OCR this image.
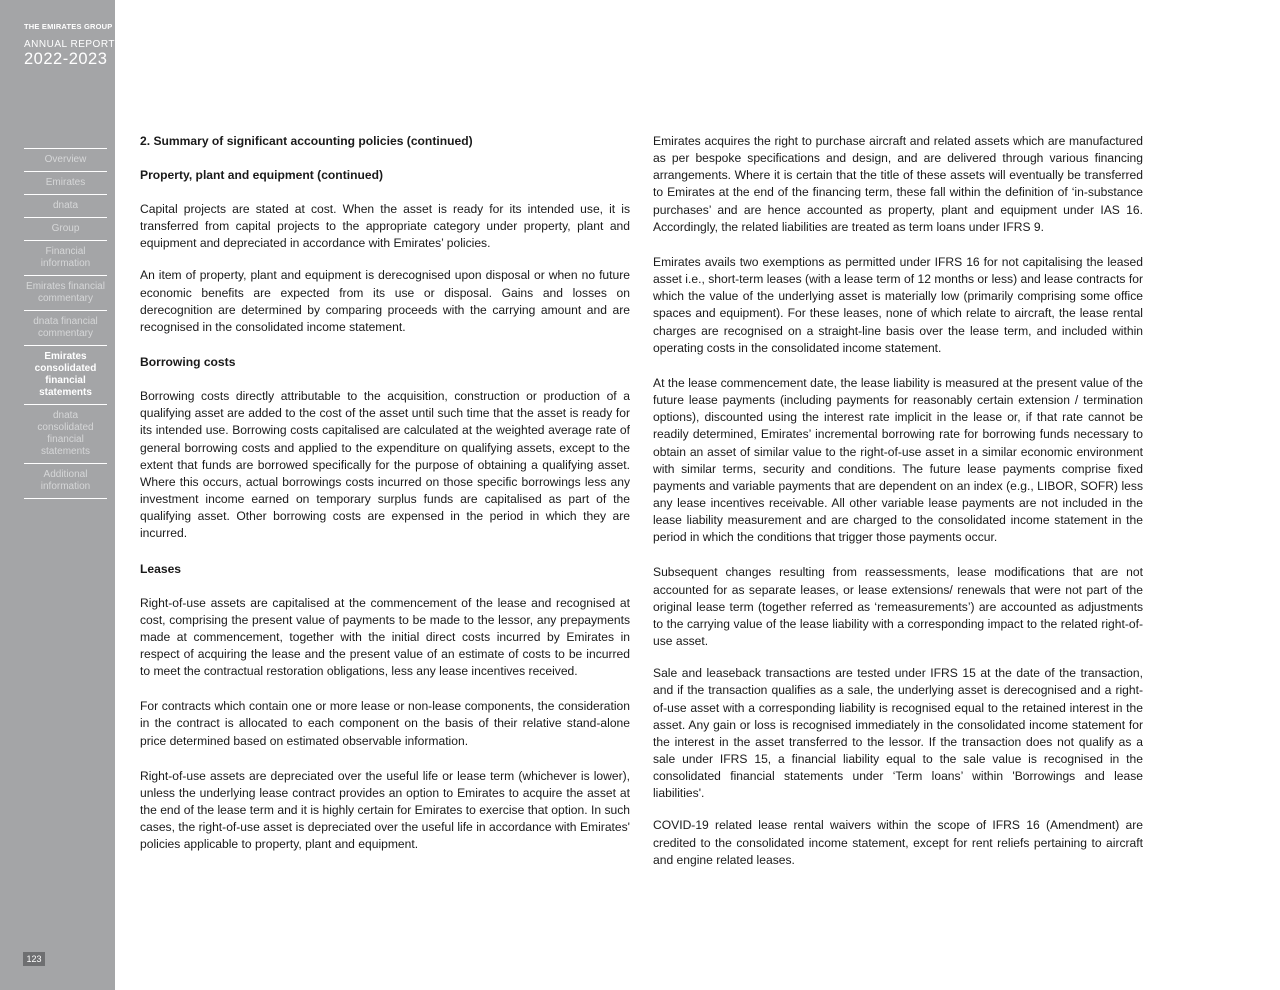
THE EMIRATES GROUP
ANNUAL REPORT
2022-2023
Overview
Emirates
dnata
Group
Financial information
Emirates financial commentary
dnata financial commentary
Emirates consolidated financial statements
dnata consolidated financial statements
Additional information
123
2. Summary of significant accounting policies (continued)
Property, plant and equipment (continued)

Capital projects are stated at cost. When the asset is ready for its intended use, it is transferred from capital projects to the appropriate category under property, plant and equipment and depreciated in accordance with Emirates’ policies.

An item of property, plant and equipment is derecognised upon disposal or when no future economic benefits are expected from its use or disposal. Gains and losses on derecognition are determined by comparing proceeds with the carrying amount and are recognised in the consolidated income statement.

Borrowing costs

Borrowing costs directly attributable to the acquisition, construction or production of a qualifying asset are added to the cost of the asset until such time that the asset is ready for its intended use. Borrowing costs capitalised are calculated at the weighted average rate of general borrowing costs and applied to the expenditure on qualifying assets, except to the extent that funds are borrowed specifically for the purpose of obtaining a qualifying asset. Where this occurs, actual borrowings costs incurred on those specific borrowings less any investment income earned on temporary surplus funds are capitalised as part of the qualifying asset. Other borrowing costs are expensed in the period in which they are incurred.

Leases

Right-of-use assets are capitalised at the commencement of the lease and recognised at cost, comprising the present value of payments to be made to the lessor, any prepayments made at commencement, together with the initial direct costs incurred by Emirates in respect of acquiring the lease and the present value of an estimate of costs to be incurred to meet the contractual restoration obligations, less any lease incentives received.

For contracts which contain one or more lease or non-lease components, the consideration in the contract is allocated to each component on the basis of their relative stand-alone price determined based on estimated observable information.

Right-of-use assets are depreciated over the useful life or lease term (whichever is lower), unless the underlying lease contract provides an option to Emirates to acquire the asset at the end of the lease term and it is highly certain for Emirates to exercise that option. In such cases, the right-of-use asset is depreciated over the useful life in accordance with Emirates' policies applicable to property, plant and equipment.

Emirates acquires the right to purchase aircraft and related assets which are manufactured as per bespoke specifications and design, and are delivered through various financing arrangements. Where it is certain that the title of these assets will eventually be transferred to Emirates at the end of the financing term, these fall within the definition of ‘in-substance purchases’ and are hence accounted as property, plant and equipment under IAS 16. Accordingly, the related liabilities are treated as term loans under IFRS 9.

Emirates avails two exemptions as permitted under IFRS 16 for not capitalising the leased asset i.e., short-term leases (with a lease term of 12 months or less) and lease contracts for which the value of the underlying asset is materially low (primarily comprising some office spaces and equipment). For these leases, none of which relate to aircraft, the lease rental charges are recognised on a straight-line basis over the lease term, and included within operating costs in the consolidated income statement.

At the lease commencement date, the lease liability is measured at the present value of the future lease payments (including payments for reasonably certain extension / termination options), discounted using the interest rate implicit in the lease or, if that rate cannot be readily determined, Emirates’ incremental borrowing rate for borrowing funds necessary to obtain an asset of similar value to the right-of-use asset in a similar economic environment with similar terms, security and conditions. The future lease payments comprise fixed payments and variable payments that are dependent on an index (e.g., LIBOR, SOFR) less any lease incentives receivable. All other variable lease payments are not included in the lease liability measurement and are charged to the consolidated income statement in the period in which the conditions that trigger those payments occur.

Subsequent changes resulting from reassessments, lease modifications that are not accounted for as separate leases, or lease extensions/ renewals that were not part of the original lease term (together referred as ‘remeasurements’) are accounted as adjustments to the carrying value of the lease liability with a corresponding impact to the related right-of-use asset.

Sale and leaseback transactions are tested under IFRS 15 at the date of the transaction, and if the transaction qualifies as a sale, the underlying asset is derecognised and a right-of-use asset with a corresponding liability is recognised equal to the retained interest in the asset. Any gain or loss is recognised immediately in the consolidated income statement for the interest in the asset transferred to the lessor. If the transaction does not qualify as a sale under IFRS 15, a financial liability equal to the sale value is recognised in the consolidated financial statements under ‘Term loans’ within 'Borrowings and lease liabilities'.

COVID-19 related lease rental waivers within the scope of IFRS 16 (Amendment) are credited to the consolidated income statement, except for rent reliefs pertaining to aircraft and engine related leases.
